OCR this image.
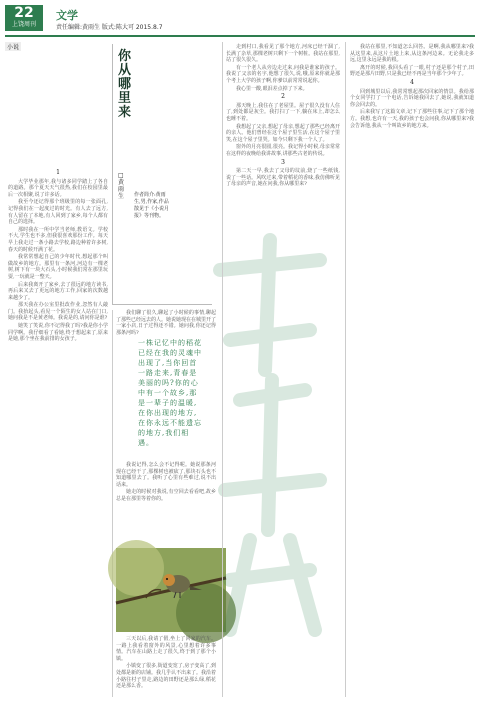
22
上饶周刊
文学
责任编辑:黄雨生 版式:陈大可 2015.8.7
小说
你从哪里来
□黄雨生	作者简介:黄雨生,男,作家,作品散见于《小说月报》等刊物。
1

大学毕业那年,我与诸多同学踏上了各自的道路。那个夏天天气很热,我们在校园里最后一次相聚,说了许多话。

我至今还记得那个班级里的每一张面孔,记得我们在一起度过的时光。有人去了远方,有人留在了本地,有人回到了家乡,每个人都有自己的选择。

那时我在一所中学当老师,教语文。学校不大,学生也不多,但我很喜欢那份工作。每天早上我走过一条小路去学校,路边种着许多树,春天的时候开满了花。

我常常想起自己的少年时代,想起那个叫做故乡的地方。那里有一条河,河边有一棵老树,树下有一块大石头,小时候我们常在那里玩耍,一玩就是一整天。

后来我离开了家乡,去了很远的地方读书,再后来又去了更远的地方工作,回家的次数越来越少了。

那天我在办公室里批改作业,忽然有人敲门。我抬起头,看见一个陌生的女人站在门口,她问我是不是黄老师。我说是的,请问你是谁?

她笑了笑说,你不记得我了吗?我是你小学同学啊。我仔细看了看她,终于想起来了,原来是她,那个坐在我前排的女孩子。

我们聊了很久,聊起了小时候的事情,聊起了那些已经远去的人。她说她现在在城里开了一家小店,日子过得还不错。她问我,你还记得那条河吗?

一株记忆中的稻花已经在我的灵魂中出现了,当你回首一路走来,青春是美丽的吗?你的心中有一个故乡,那是一辈子的温暖,在你出现的地方,在你永远不能遗忘的地方,我们相遇。

我说记得,怎么会不记得呢。她说那条河现在已经干了,那棵树也被砍了,那块石头也不知道哪里去了。我听了心里有些难过,说不出话来。

她走的时候对我说,有空回去看看吧,故乡总是在那里等着你的。

三天以后,我请了假,坐上了回家的汽车。一路上我看着窗外的风景,心里想着许多事情。汽车在山路上走了很久,终于到了那个小镇。

小镇变了很多,街道变宽了,房子变高了,到处都是新的店铺。我几乎认不出来了。我沿着小路往村子里走,路边的田野还是那么绿,稻花还是那么香。

走到村口,我看见了那个地方,河床已经干涸了,长满了杂草,那棵老树只剩下一个树桩。我站在那里,站了很久很久。

有一个老人从旁边走过来,问我是谁家的孩子。我说了父亲的名字,他想了很久,说,哦,原来你就是那个考上大学的孩子啊,你爹以前常常说起你。

我心里一酸,眼泪差点掉了下来。

2

那天晚上,我住在了老屋里。屋子很久没有人住了,到处都是灰尘。我打扫了一下,躺在床上,却怎么也睡不着。

我想起了父亲,想起了母亲,想起了那些已经离开的亲人。他们曾经在这个屋子里生活,在这个屋子里笑,在这个屋子里哭。如今只剩下我一个人了。

窗外的月亮很圆,很亮。我记得小时候,母亲常常在这样的夜晚给我讲故事,讲那些古老的传说。

3

第二天一早,我去了父母的坟前,烧了一些纸钱,说了一些话。风吹过来,带着稻花的香味,我仿佛听见了母亲的声音,她在问我,你从哪里来?

我站在那里,不知道怎么回答。是啊,我从哪里来?我从这里来,从这片土地上来,从这条河边来。无论我走多远,这里永远是我的根。

离开的时候,我回头看了一眼,村子还是那个村子,田野还是那片田野,只是我已经不再是当年那个少年了。

4

回到城里以后,我常常想起那次回家的情景。我给那个女同学打了一个电话,告诉她我回去了,她说,我就知道你会回去的。

后来我写了这篇文章,记下了那些往事,记下了那个地方。我想,也许有一天,我的孩子也会问我,你从哪里来?我会告诉他,我从一个叫故乡的地方来。
